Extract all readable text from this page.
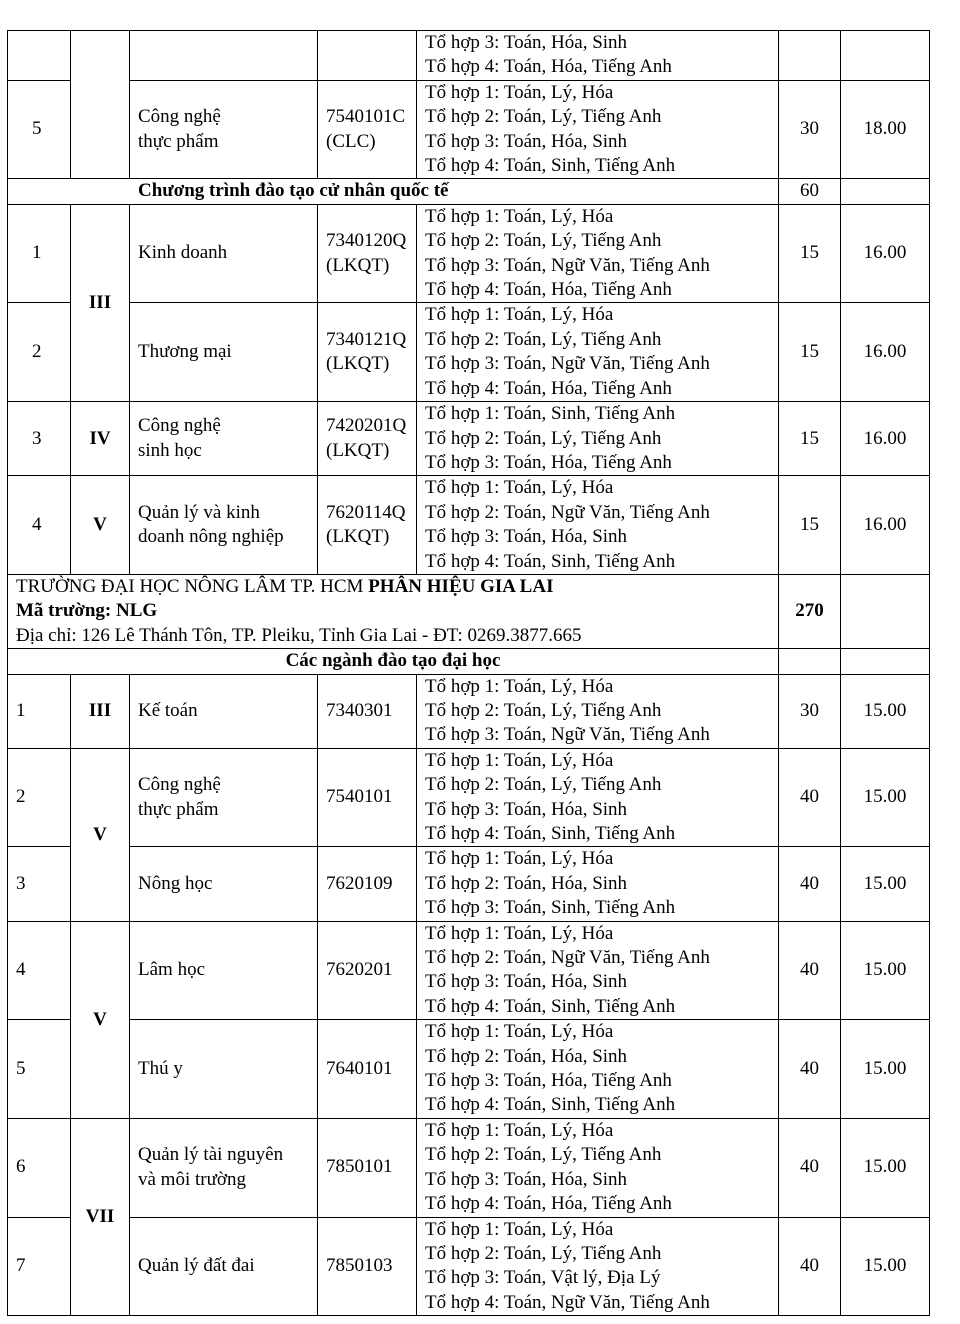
				Tổ hợp 3: Toán, Hóa, Sinh
Tổ hợp 4: Toán, Hóa, Tiếng Anh		

5		Công nghệ
thực phẩm	7540101C
(CLC)	Tổ hợp 1: Toán, Lý, Hóa
Tổ hợp 2: Toán, Lý, Tiếng Anh
Tổ hợp 3: Toán, Hóa, Sinh
Tổ hợp 4: Toán, Sinh, Tiếng Anh	30	18.00
Chương trình đào tạo cử nhân quốc tế					60	
1	III	Kinh doanh	7340120Q
(LKQT)	Tổ hợp 1: Toán, Lý, Hóa
Tổ hợp 2: Toán, Lý, Tiếng Anh
Tổ hợp 3: Toán, Ngữ Văn, Tiếng Anh
Tổ hợp 4: Toán, Hóa, Tiếng Anh	15	16.00
2		Thương mại	7340121Q
(LKQT)	Tổ hợp 1: Toán, Lý, Hóa
Tổ hợp 2: Toán, Lý, Tiếng Anh
Tổ hợp 3: Toán, Ngữ Văn, Tiếng Anh
Tổ hợp 4: Toán, Hóa, Tiếng Anh	15	16.00
3	IV	Công nghệ
sinh học	7420201Q
(LKQT)	Tổ hợp 1: Toán, Sinh, Tiếng Anh
Tổ hợp 2: Toán, Lý, Tiếng Anh
Tổ hợp 3: Toán, Hóa, Tiếng Anh	15	16.00
4	V	Quản lý và kinh
doanh nông nghiệp	7620114Q
(LKQT)	Tổ hợp 1: Toán, Lý, Hóa
Tổ hợp 2: Toán, Ngữ Văn, Tiếng Anh
Tổ hợp 3: Toán, Hóa, Sinh
Tổ hợp 4: Toán, Sinh, Tiếng Anh	15	16.00

TRƯỜNG ĐẠI HỌC NÔNG LÂM TP. HCM PHÂN HIỆU GIA LAI
Mã trường: NLG
Địa chỉ: 126 Lê Thánh Tôn, TP. Pleiku, Tỉnh Gia Lai - ĐT: 0269.3877.665					270	
Các ngành đào tạo đại học						
1	III	Kế toán	7340301	Tổ hợp 1: Toán, Lý, Hóa
Tổ hợp 2: Toán, Lý, Tiếng Anh
Tổ hợp 3: Toán, Ngữ Văn, Tiếng Anh	30	15.00
2	V	Công nghệ
thực phẩm	7540101	Tổ hợp 1: Toán, Lý, Hóa
Tổ hợp 2: Toán, Lý, Tiếng Anh
Tổ hợp 3: Toán, Hóa, Sinh
Tổ hợp 4: Toán, Sinh, Tiếng Anh	40	15.00
3		Nông học	7620109	Tổ hợp 1: Toán, Lý, Hóa
Tổ hợp 2: Toán, Hóa, Sinh
Tổ hợp 3: Toán, Sinh, Tiếng Anh	40	15.00
4	V	Lâm học	7620201	Tổ hợp 1: Toán, Lý, Hóa
Tổ hợp 2: Toán, Ngữ Văn, Tiếng Anh
Tổ hợp 3: Toán, Hóa, Sinh
Tổ hợp 4: Toán, Sinh, Tiếng Anh	40	15.00
5		Thú y	7640101	Tổ hợp 1: Toán, Lý, Hóa
Tổ hợp 2: Toán, Hóa, Sinh
Tổ hợp 3: Toán, Hóa, Tiếng Anh
Tổ hợp 4: Toán, Sinh, Tiếng Anh	40	15.00
6	VII	Quản lý tài nguyên
và môi trường	7850101	Tổ hợp 1: Toán, Lý, Hóa
Tổ hợp 2: Toán, Lý, Tiếng Anh
Tổ hợp 3: Toán, Hóa, Sinh
Tổ hợp 4: Toán, Hóa, Tiếng Anh	40	15.00
7		Quản lý đất đai	7850103	Tổ hợp 1: Toán, Lý, Hóa
Tổ hợp 2: Toán, Lý, Tiếng Anh
Tổ hợp 3: Toán, Vật lý, Địa Lý
Tổ hợp 4: Toán, Ngữ Văn, Tiếng Anh	40	15.00
